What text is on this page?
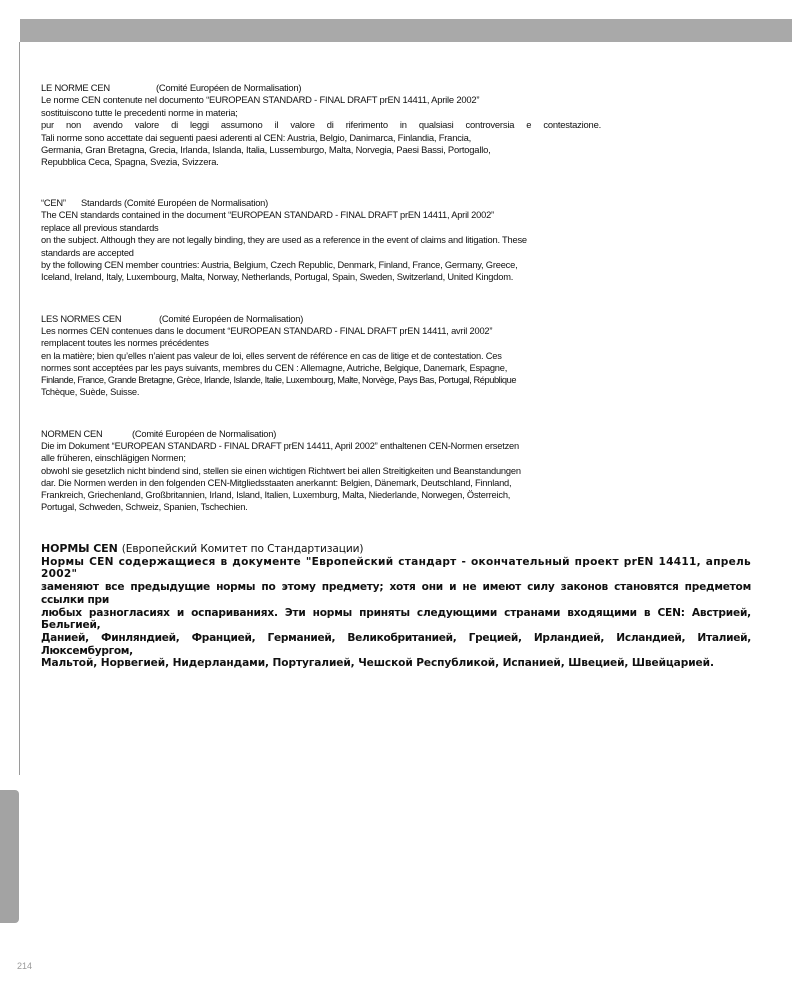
LE NORME CEN	(Comité Européen de Normalisation)

Le norme CEN contenute nel documento “EUROPEAN STANDARD - FINAL DRAFT prEN 14411, Aprile 2002”

sostituiscono tutte le precedenti norme in materia;

pur non avendo valore di leggi assumono il valore di riferimento in qualsiasi controversia e contestazione.

Tali norme sono accettate dai seguenti paesi aderenti al CEN: Austria, Belgio, Danimarca, Finlandia, Francia,

Germania, Gran Bretagna, Grecia, Irlanda, Islanda, Italia, Lussemburgo, Malta, Norvegia, Paesi Bassi, Portogallo,

Repubblica Ceca, Spagna, Svezia, Svizzera.

“CEN”	Standards (Comité Européen de Normalisation)

The CEN standards contained in the document “EUROPEAN STANDARD - FINAL DRAFT prEN 14411, April 2002”

replace all previous standards

on the subject. Although they are not legally binding, they are used as a reference in the event of claims and litigation. These

standards are accepted

by the following CEN member countries: Austria, Belgium, Czech Republic, Denmark, Finland, France, Germany, Greece,

Iceland, Ireland, Italy, Luxembourg, Malta, Norway, Netherlands, Portugal, Spain, Sweden, Switzerland, United Kingdom.

LES NORMES CEN	(Comité Européen de Normalisation)

Les normes CEN contenues dans le document “EUROPEAN STANDARD - FINAL DRAFT prEN 14411, avril 2002”

remplacent toutes les normes précédentes

en la matière; bien qu’elles n’aient pas valeur de loi, elles servent de référence en cas de litige et de contestation. Ces

normes sont acceptées par les pays suivants, membres du CEN : Allemagne, Autriche, Belgique, Danemark, Espagne,

Finlande, France, Grande Bretagne, Grèce, Irlande, Islande, Italie, Luxembourg, Malte, Norvège, Pays Bas, Portugal, République

Tchèque, Suède, Suisse.

NORMEN CEN	(Comité Européen de Normalisation)

Die im Dokument “EUROPEAN STANDARD - FINAL DRAFT prEN 14411, April 2002” enthaltenen CEN-Normen ersetzen

alle früheren, einschlägigen Normen;

obwohl sie gesetzlich nicht bindend sind, stellen sie einen wichtigen Richtwert bei allen Streitigkeiten und Beanstandungen

dar. Die Normen werden in den folgenden CEN-Mitgliedsstaaten anerkannt: Belgien, Dänemark, Deutschland, Finnland,

Frankreich, Griechenland, Großbritannien, Irland, Island, Italien, Luxemburg, Malta, Niederlande, Norwegen, Österreich,

Portugal, Schweden, Schweiz, Spanien, Tschechien.

НОРМЫ CEN (Европейский Комитет по Стандартизации)

Нормы CEN содержащиеся в документе "Европейский стандарт - окончательный проект prEN 14411, апрель 2002"

заменяют все предыдущие нормы по этому предмету; хотя они и не имеют силу законов становятся предметом ссылки при

любых разногласиях и оспариваниях. Эти нормы приняты следующими странами входящими в CEN: Австрией, Бельгией,

Данией, Финляндией, Францией, Германией, Великобританией, Грецией, Ирландией, Исландией, Италией, Люксембургом,

Мальтой, Норвегией, Нидерландами, Португалией, Чешской Республикой, Испанией, Швецией, Швейцарией.

214
